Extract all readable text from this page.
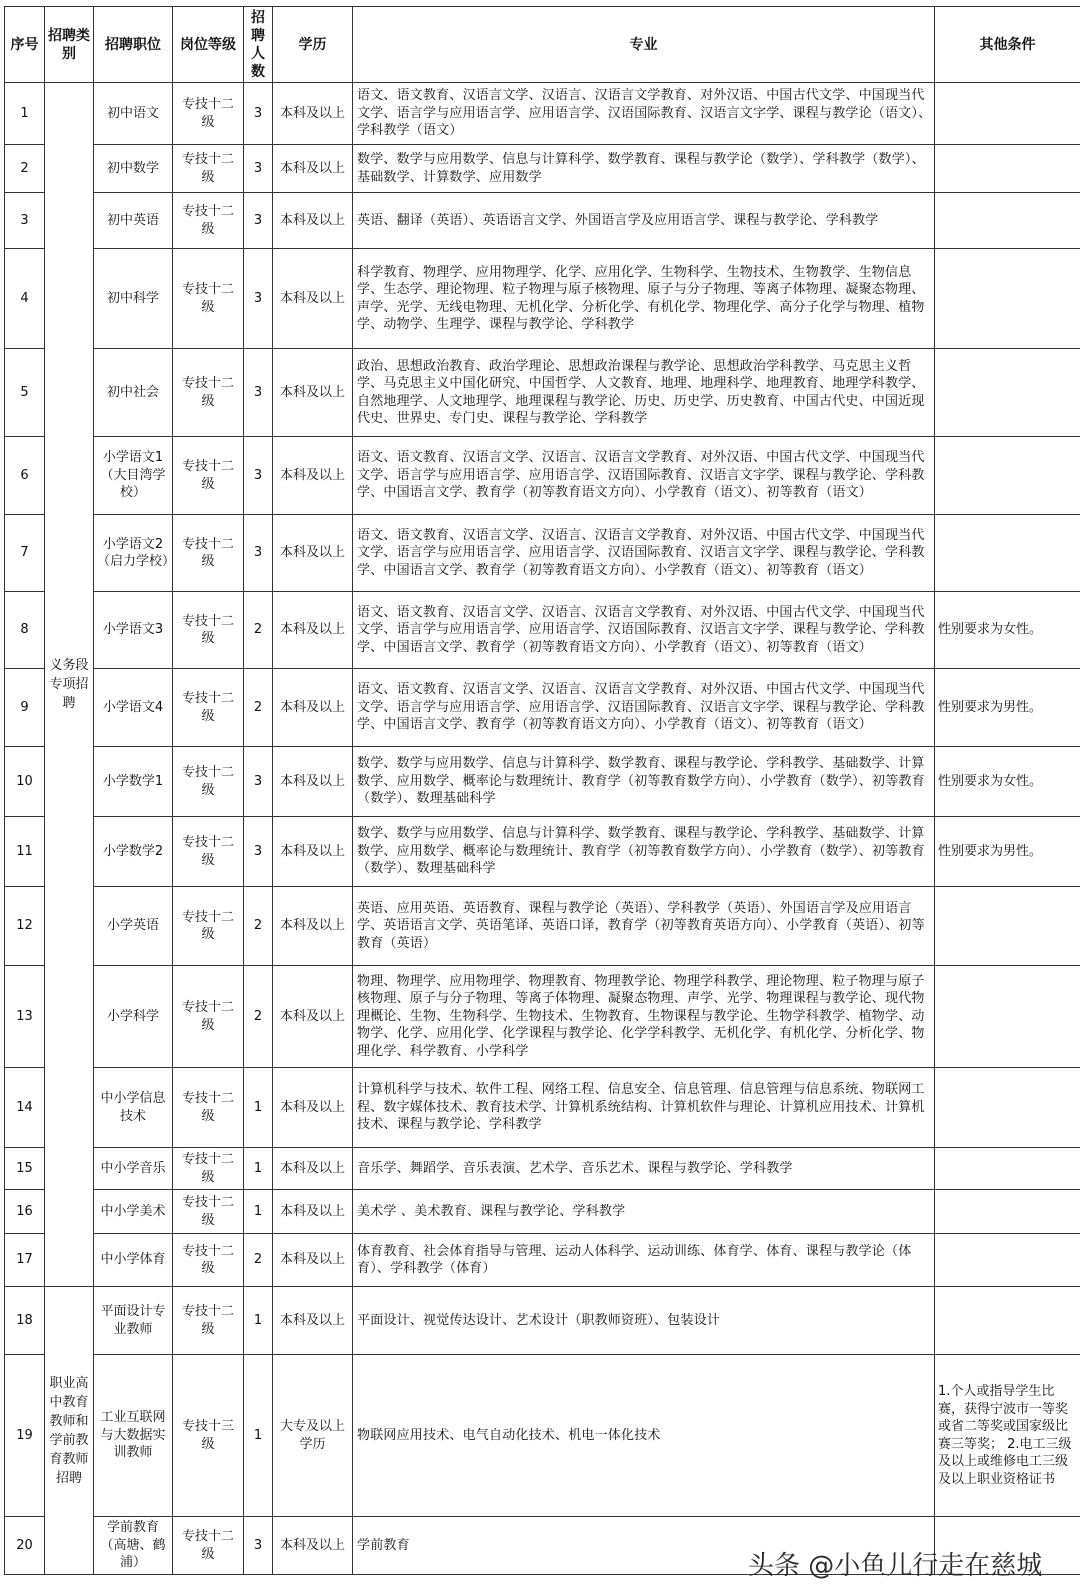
序号	招聘类别	招聘职位	岗位等级	招聘人数	学历	专业	其他条件
1	义务段专项招聘	初中语文	专技十二级	3	本科及以上	语文、语文教育、汉语言文学、汉语言、汉语言文学教育、对外汉语、中国古代文学、中国现当代文学、语言学与应用语言学、应用语言学、汉语国际教育、汉语言文字学、课程与教学论（语文）、学科教学（语文）	
2		初中数学	专技十二级	3	本科及以上	数学、数学与应用数学、信息与计算科学、数学教育、课程与教学论（数学）、学科教学（数学）、基础数学、计算数学、应用数学	
3		初中英语	专技十二级	3	本科及以上	英语、翻译（英语）、英语语言文学、外国语言学及应用语言学、课程与教学论、学科教学	
4		初中科学	专技十二级	3	本科及以上	科学教育、物理学、应用物理学、化学、应用化学、生物科学、生物技术、生物教学、生物信息学、生态学、理论物理、粒子物理与原子核物理、原子与分子物理、等离子体物理、凝聚态物理、声学、光学、无线电物理、无机化学、分析化学、有机化学、物理化学、高分子化学与物理、植物学、动物学、生理学、课程与教学论、学科教学	
5		初中社会	专技十二级	3	本科及以上	政治、思想政治教育、政治学理论、思想政治课程与教学论、思想政治学科教学、马克思主义哲学、马克思主义中国化研究、中国哲学、人文教育、地理、地理科学、地理教育、地理学科教学、自然地理学、人文地理学、地理课程与教学论、历史、历史学、历史教育、中国古代史、中国近现代史、世界史、专门史、课程与教学论、学科教学	
6		小学语文1（大目湾学校）	专技十二级	3	本科及以上	语文、语文教育、汉语言文学、汉语言、汉语言文学教育、对外汉语、中国古代文学、中国现当代文学、语言学与应用语言学、应用语言学、汉语国际教育、汉语言文字学、课程与教学论、学科教学、中国语言文学、教育学（初等教育语文方向）、小学教育（语文）、初等教育（语文）	
7		小学语文2（启力学校）	专技十二级	3	本科及以上	语文、语文教育、汉语言文学、汉语言、汉语言文学教育、对外汉语、中国古代文学、中国现当代文学、语言学与应用语言学、应用语言学、汉语国际教育、汉语言文字学、课程与教学论、学科教学、中国语言文学、教育学（初等教育语文方向）、小学教育（语文）、初等教育（语文）	
8		小学语文3	专技十二级	2	本科及以上	语文、语文教育、汉语言文学、汉语言、汉语言文学教育、对外汉语、中国古代文学、中国现当代文学、语言学与应用语言学、应用语言学、汉语国际教育、汉语言文字学、课程与教学论、学科教学、中国语言文学、教育学（初等教育语文方向）、小学教育（语文）、初等教育（语文）	性别要求为女性。
9		小学语文4	专技十二级	2	本科及以上	语文、语文教育、汉语言文学、汉语言、汉语言文学教育、对外汉语、中国古代文学、中国现当代文学、语言学与应用语言学、应用语言学、汉语国际教育、汉语言文字学、课程与教学论、学科教学、中国语言文学、教育学（初等教育语文方向）、小学教育（语文）、初等教育（语文）	性别要求为男性。
10		小学数学1	专技十二级	3	本科及以上	数学、数学与应用数学、信息与计算科学、数学教育、课程与教学论、学科教学、基础数学、计算数学、应用数学、概率论与数理统计、教育学（初等教育数学方向）、小学教育（数学）、初等教育（数学）、数理基础科学	性别要求为女性。
11		小学数学2	专技十二级	3	本科及以上	数学、数学与应用数学、信息与计算科学、数学教育、课程与教学论、学科教学、基础数学、计算数学、应用数学、概率论与数理统计、教育学（初等教育数学方向）、小学教育（数学）、初等教育（数学）、数理基础科学	性别要求为男性。
12		小学英语	专技十二级	2	本科及以上	英语、应用英语、英语教育、课程与教学论（英语）、学科教学（英语）、外国语言学及应用语言学、英语语言文学、英语笔译、英语口译，教育学（初等教育英语方向）、小学教育（英语）、初等教育（英语）	
13		小学科学	专技十二级	2	本科及以上	物理、物理学、应用物理学、物理教育、物理教学论、物理学科教学、理论物理、粒子物理与原子核物理、原子与分子物理、等离子体物理、凝聚态物理、声学、光学、物理课程与教学论、现代物理概论、生物、生物科学、生物技术、生物教育、生物课程与教学论、生物学科教学、植物学、动物学、化学、应用化学、化学课程与教学论、化学学科教学、无机化学、有机化学、分析化学、物理化学、科学教育、小学科学	
14		中小学信息技术	专技十二级	1	本科及以上	计算机科学与技术、软件工程、网络工程、信息安全、信息管理、信息管理与信息系统、物联网工程、数字媒体技术、教育技术学、计算机系统结构、计算机软件与理论、计算机应用技术、计算机技术、课程与教学论、学科教学	
15		中小学音乐	专技十二级	1	本科及以上	音乐学、舞蹈学、音乐表演、艺术学、音乐艺术、课程与教学论、学科教学	
16		中小学美术	专技十二级	1	本科及以上	美术学 、美术教育、课程与教学论、学科教学	
17		中小学体育	专技十二级	2	本科及以上	体育教育、社会体育指导与管理、运动人体科学、运动训练、体育学、体育、课程与教学论（体育）、学科教学（体育）	
18	职业高中教育教师和学前教育教师招聘	平面设计专业教师	专技十二级	1	本科及以上	平面设计、视觉传达设计、艺术设计（职教师资班）、包装设计	
19		工业互联网与大数据实训教师	专技十三级	1	大专及以上学历	物联网应用技术、电气自动化技术、机电一体化技术	1.个人或指导学生比赛，获得宁波市一等奖或省二等奖或国家级比赛三等奖； 2.电工三级及以上或维修电工三级及以上职业资格证书
20		学前教育（高塘、鹤浦）	专技十二级	3	本科及以上	学前教育	
头条 @小鱼儿行走在慈城
